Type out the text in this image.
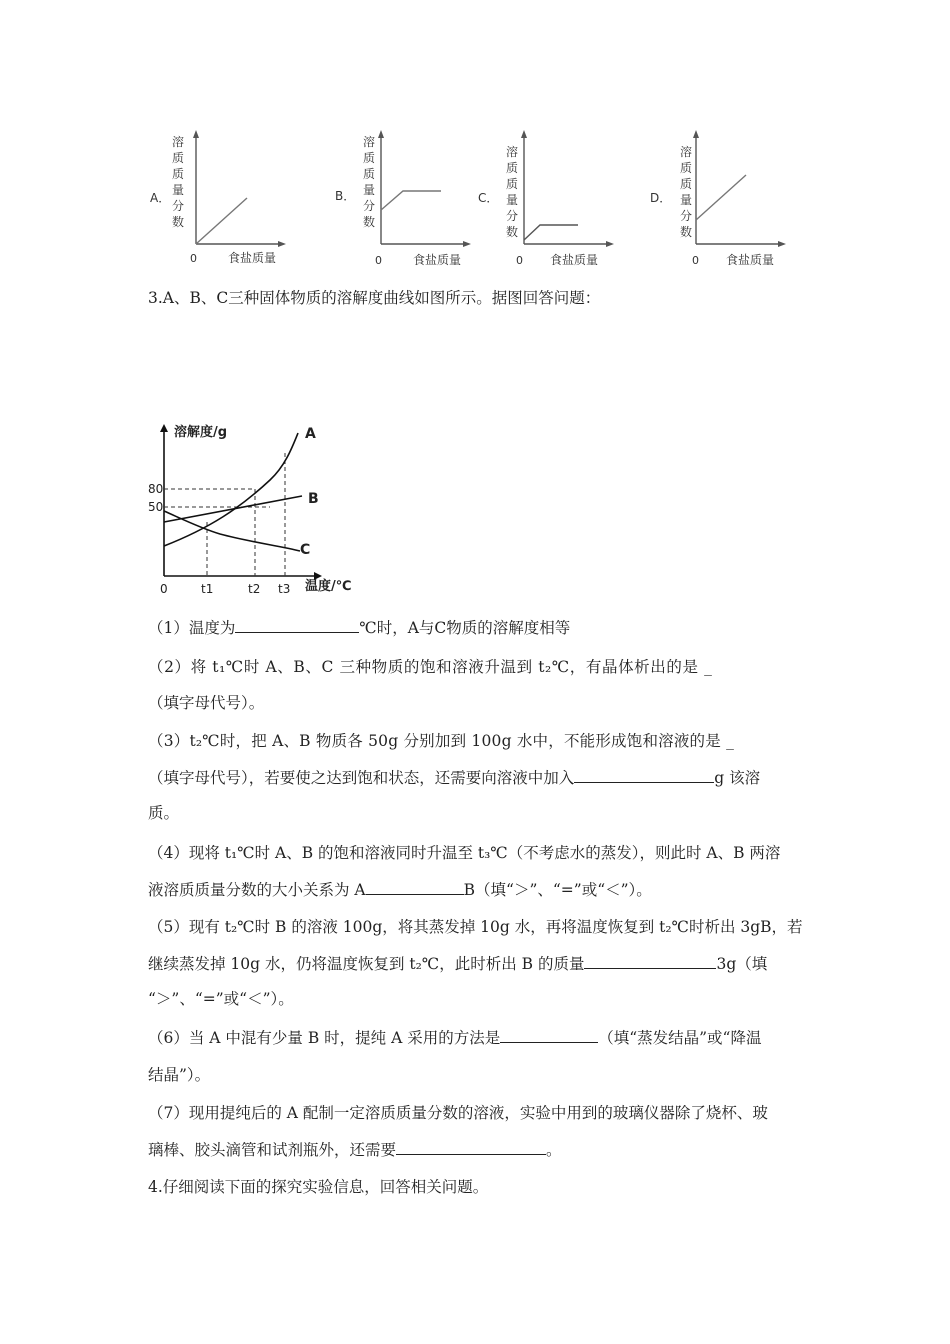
A．
溶
质
质
量
分
数
0	食盐质量
B．
溶
质
质
量
分
数
0	食盐质量
C．
溶
质
质
量
分
数
0 食盐质量
D．
溶
质
质
量
分
数
0 食盐质量
3.A、B、C三种固体物质的溶解度曲线如图所示。据图回答问题：
溶解度/g	A
B
C
80
50
0	t1	t2 t3 温度/℃
（1）温度为	℃时，A与C物质的溶解度相等
（2）将 t₁℃时 A、B、C 三种物质的饱和溶液升温到 t₂℃，有晶体析出的是 _
（填字母代号）。
（3）t₂℃时，把 A、B 物质各 50g 分别加到 100g 水中，不能形成饱和溶液的是 _
（填字母代号），若要使之达到饱和状态，还需要向溶液中加入	g 该溶
质。
（4）现将 t₁℃时 A、B 的饱和溶液同时升温至 t₃℃（不考虑水的蒸发），则此时 A、B 两溶
液溶质质量分数的大小关系为 A	B（填“＞”、“=”或“＜”）。
（5）现有 t₂℃时 B 的溶液 100g，将其蒸发掉 10g 水，再将温度恢复到 t₂℃时析出 3gB，若
继续蒸发掉 10g 水，仍将温度恢复到 t₂℃，此时析出 B 的质量	3g（填
“＞”、“=”或“＜”）。
（6）当 A 中混有少量 B 时，提纯 A 采用的方法是	（填“蒸发结晶”或“降温
结晶”）。
（7）现用提纯后的 A 配制一定溶质质量分数的溶液，实验中用到的玻璃仪器除了烧杯、玻
璃棒、胶头滴管和试剂瓶外，还需要	。
4.仔细阅读下面的探究实验信息，回答相关问题。
